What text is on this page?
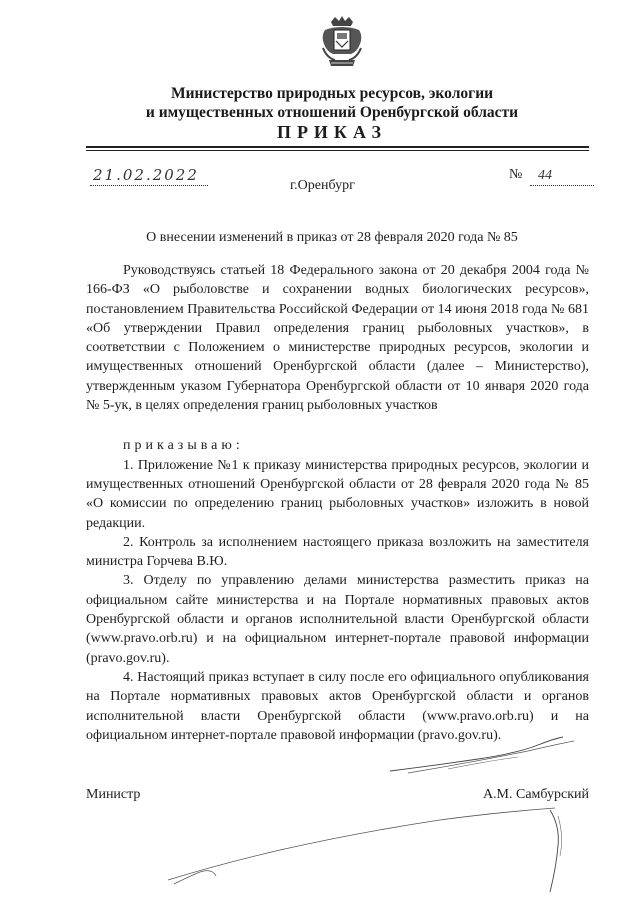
Министерство природных ресурсов, экологии
и имущественных отношений Оренбургской области
ПРИКАЗ
21.02.2022	№	44
г.Оренбург
О внесении изменений в приказ от 28 февраля 2020 года № 85

Руководствуясь статьей 18 Федерального закона от 20 декабря 2004 года № 166-ФЗ «О рыболовстве и сохранении водных биологических ресурсов», постановлением Правительства Российской Федерации от 14 июня 2018 года № 681 «Об утверждении Правил определения границ рыболовных участков», в соответствии с Положением о министерстве природных ресурсов, экологии и имущественных отношений Оренбургской области (далее – Министерство), утвержденным указом Губернатора Оренбургской области от 10 января 2020 года № 5-ук, в целях определения границ рыболовных участков

приказываю:

1. Приложение №1 к приказу министерства природных ресурсов, экологии и имущественных отношений Оренбургской области от 28 февраля 2020 года № 85 «О комиссии по определению границ рыболовных участков» изложить в новой редакции.

2. Контроль за исполнением настоящего приказа возложить на заместителя министра Горчева В.Ю.

3. Отделу по управлению делами министерства разместить приказ на официальном сайте министерства и на Портале нормативных правовых актов Оренбургской области и органов исполнительной власти Оренбургской области (www.pravo.orb.ru) и на официальном интернет-портале правовой информации (pravo.gov.ru).

4. Настоящий приказ вступает в силу после его официального опубликования на Портале нормативных правовых актов Оренбургской области и органов исполнительной власти Оренбургской области (www.pravo.orb.ru) и на официальном интернет-портале правовой информации (pravo.gov.ru).

Министр	А.М. Самбурский
